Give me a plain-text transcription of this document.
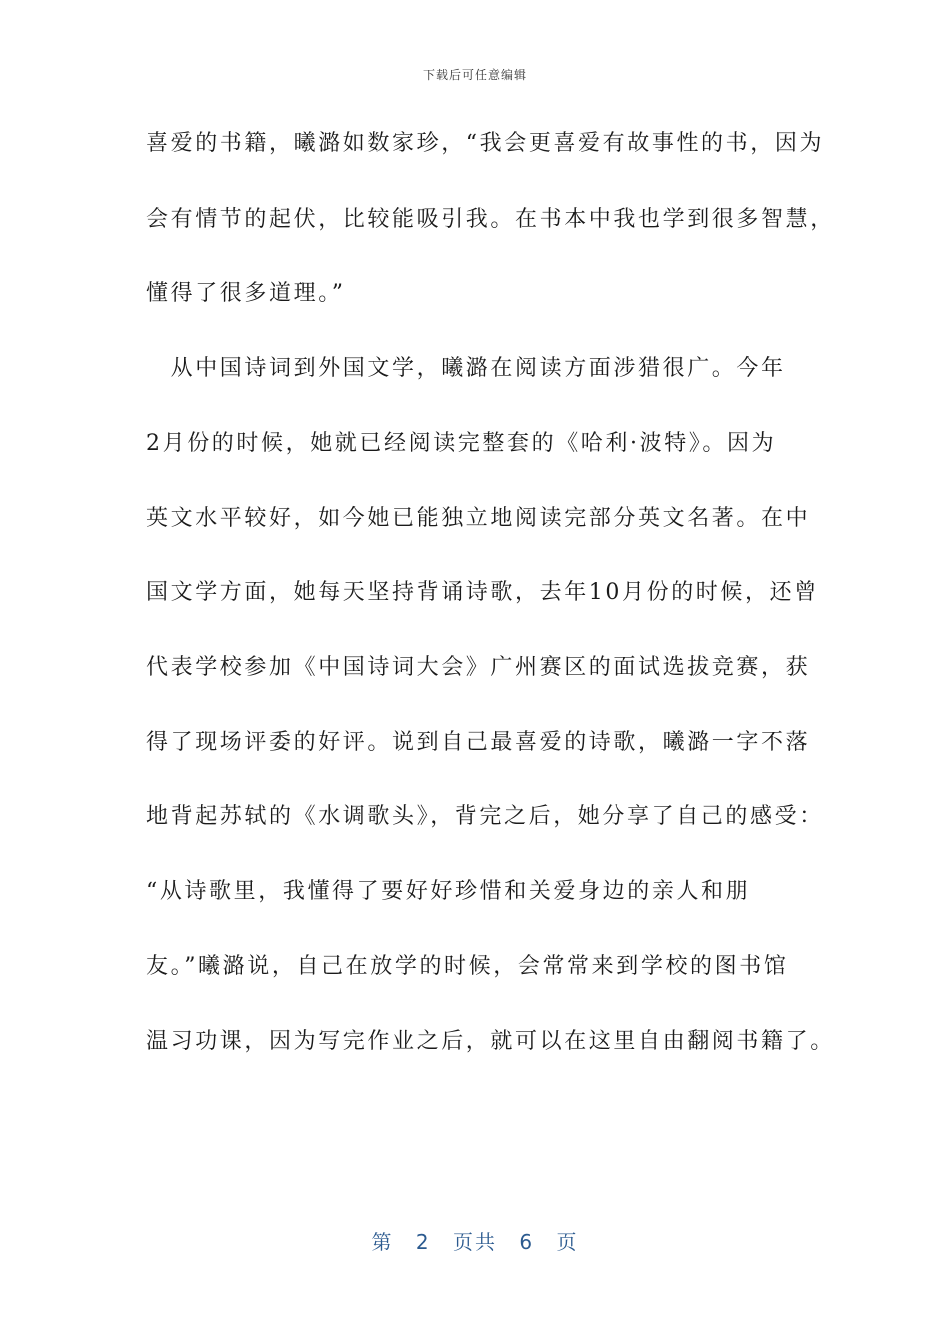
下载后可任意编辑
喜爱的书籍，曦潞如数家珍，“我会更喜爱有故事性的书，因为
会有情节的起伏，比较能吸引我。在书本中我也学到很多智慧，
懂得了很多道理。”
　从中国诗词到外国文学，曦潞在阅读方面涉猎很广。今年
2月份的时候，她就已经阅读完整套的《哈利·波特》。因为
英文水平较好，如今她已能独立地阅读完部分英文名著。在中
国文学方面，她每天坚持背诵诗歌，去年10月份的时候，还曾
代表学校参加《中国诗词大会》广州赛区的面试选拔竞赛，获
得了现场评委的好评。说到自己最喜爱的诗歌，曦潞一字不落
地背起苏轼的《水调歌头》，背完之后，她分享了自己的感受：
“从诗歌里，我懂得了要好好珍惜和关爱身边的亲人和朋
友。”曦潞说，自己在放学的时候，会常常来到学校的图书馆
温习功课，因为写完作业之后，就可以在这里自由翻阅书籍了。
第 2 页共 6 页
